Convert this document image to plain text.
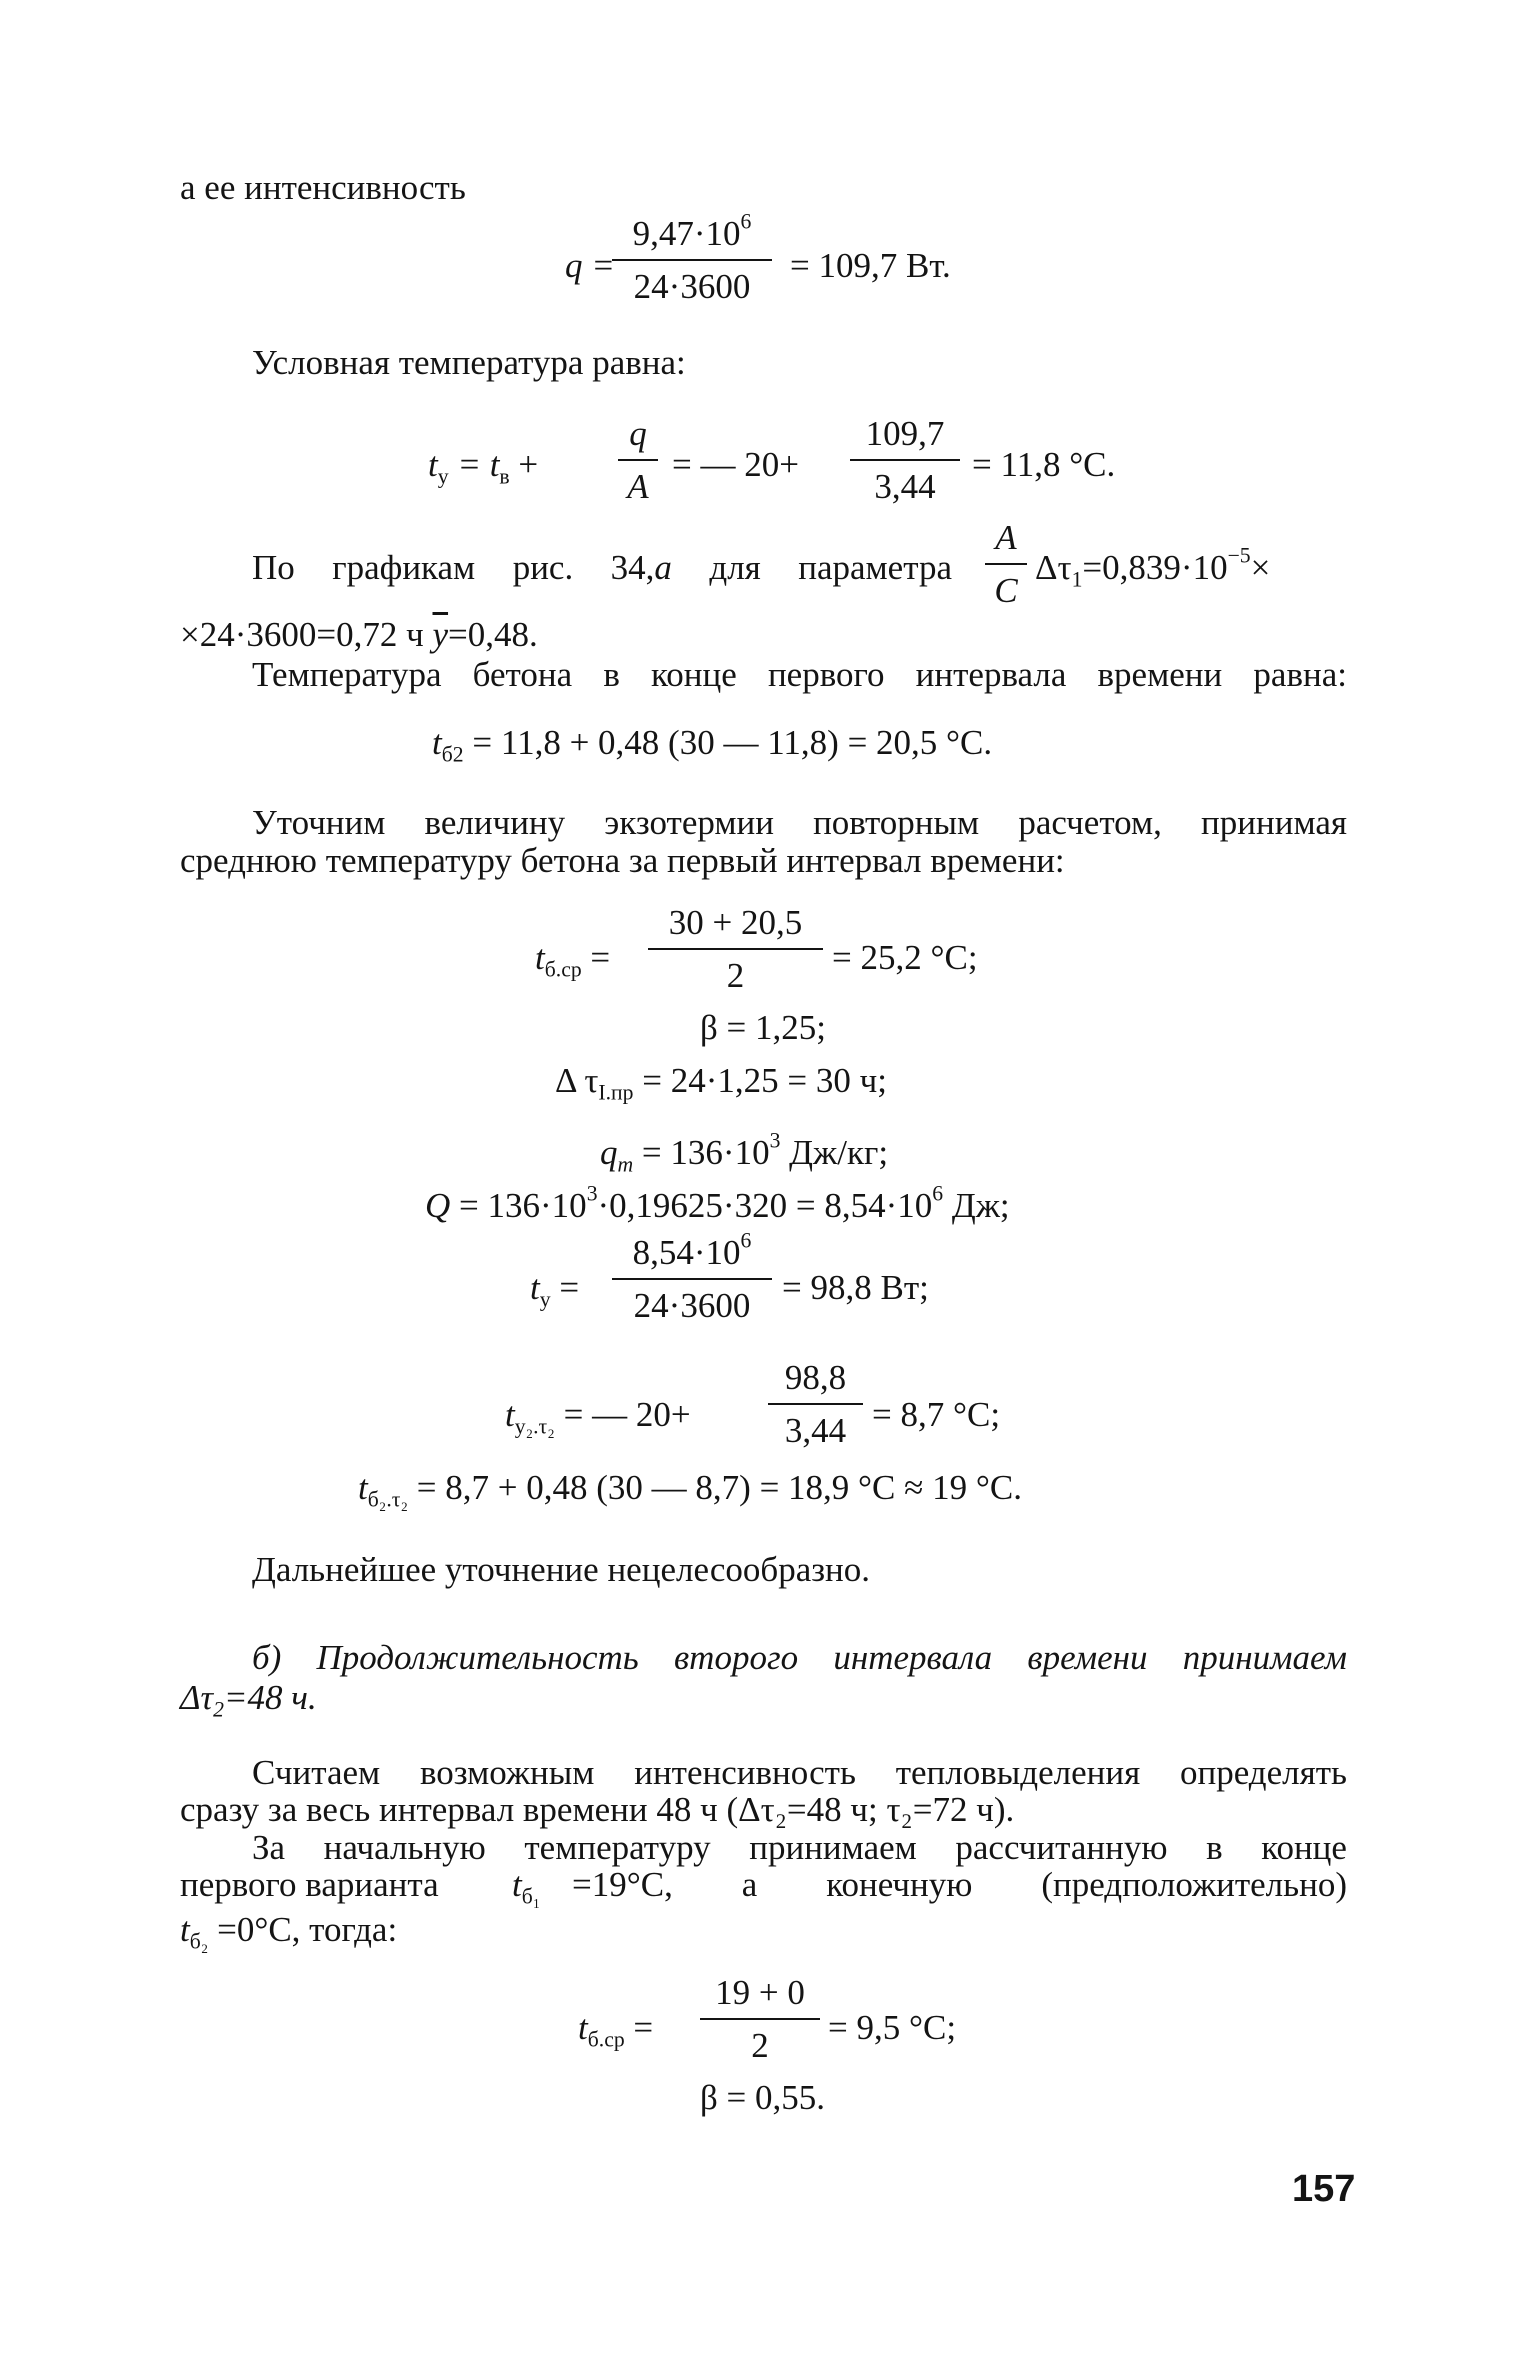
а ее интенсивность
q =
$\frac{9,47\cdot 10^6}{24\cdot 3600} = 109,7$ Вт.
Условная температура равна:
$t_у = t_в + \frac{q}{A}$ = — $20+ \frac{109,7}{3,44} = 11,8$ °C.
По графикам рис. 34,a для параметра $\frac{A}{C} \Delta\tau_1=0,839\cdot 10^{-5}\times$
×24·3600=0,72 ч $\overline{y}=0,48$.
Температура бетона в конце первого интервала времени равна:
$t_{б2} = 11,8 + 0,48$ (30 — 11,8) = 20,5 °C.
Уточним величину экзотермии повторным расчетом, принимая
среднюю температуру бетона за первый интервал времени:
$t_{б.ср} = \frac{30 + 20,5}{2} = 25,2$ °C;
β = 1,25;
Δ $\tau_{I.пр} = 24\cdot 1,25 = 30$ ч;
$q_m = 136\cdot 10^3$ Дж/кг;
$Q = 136\cdot 10^3\cdot 0,19625\cdot 320 = 8,54\cdot 10^6$ Дж;
$t_у = \frac{8,54\cdot 10^6}{24\cdot 3600} = 98,8$ Вт;
$t_{у_2.\tau_2}$ = — $20+ \frac{98,8}{3,44} = 8,7$ °C;
$t_{б_2.\tau_2} = 8,7 + 0,48$ (30 — 8,7) = 18,9 °C ≈ 19 °C.
Дальнейшее уточнение нецелесообразно.
б) Продолжительность второго интервала времени принимаем
$\Delta\tau_2=48$ ч.
Считаем возможным интенсивность тепловыделения определять
сразу за весь интервал времени 48 ч (Δτ₂=48 ч; τ₂=72 ч).
За начальную температуру принимаем рассчитанную в конце
первого варианта $t_{б_1} =19^\circ C$, а конечную (предположительно)
$t_{б_2} =0^\circ C$, тогда:
$t_{б.ср} = \frac{19 + 0}{2} = 9,5$ °C;
β = 0,55.
157
